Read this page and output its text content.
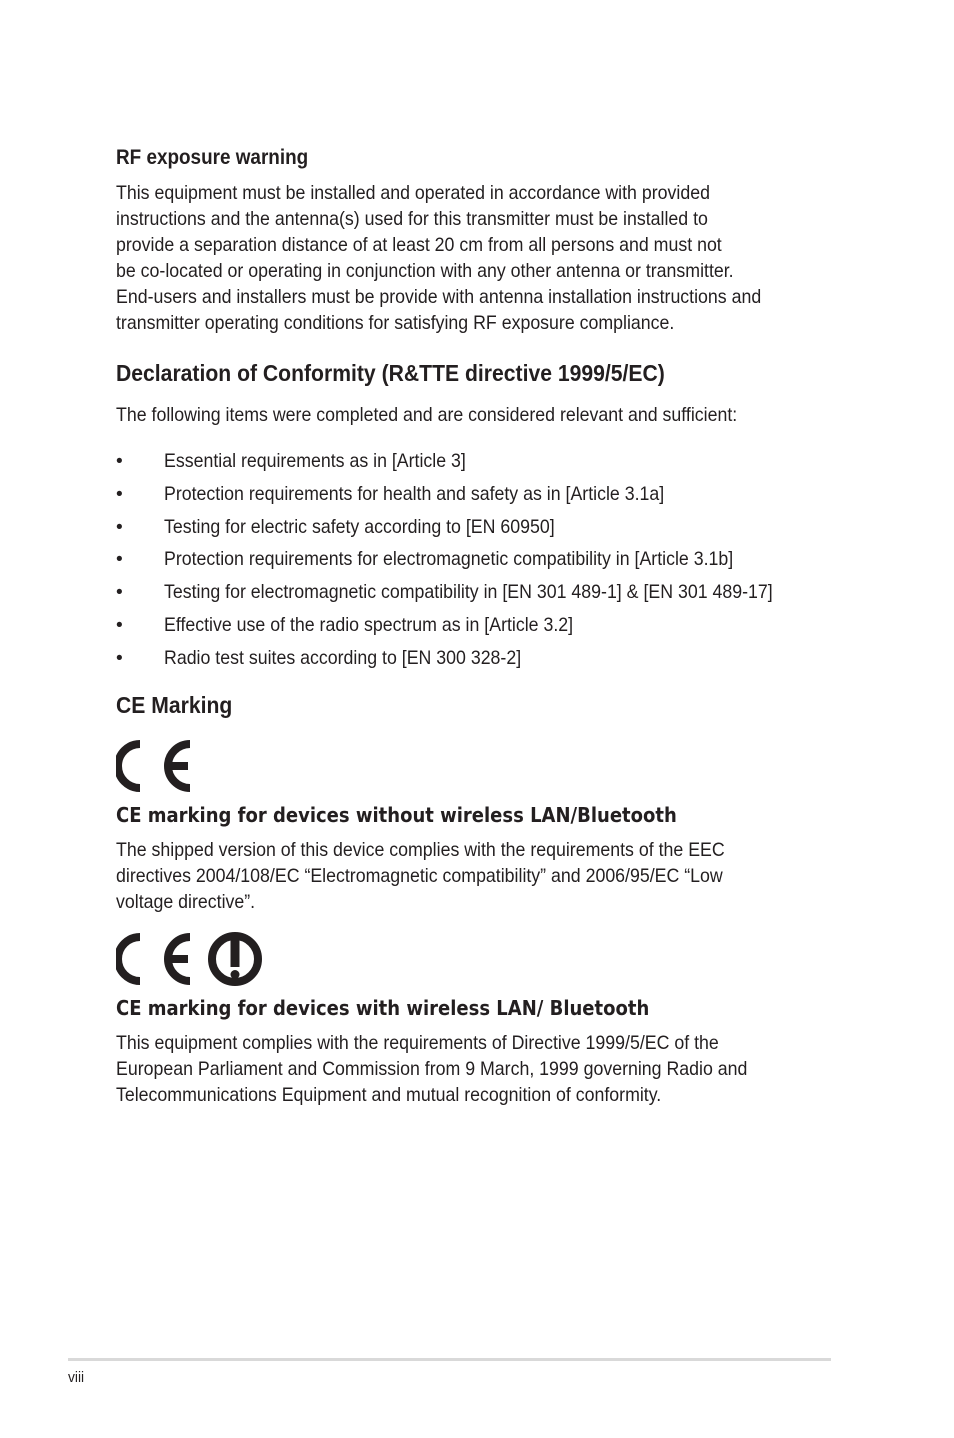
RF exposure warning

This equipment must be installed and operated in accordance with provided
instructions and the antenna(s) used for this transmitter must be installed to
provide a separation distance of at least 20 cm from all persons and must not
be co-located or operating in conjunction with any other antenna or transmitter.
End-users and installers must be provide with antenna installation instructions and
transmitter operating conditions for satisfying RF exposure compliance.

Declaration of Conformity (R&TTE directive 1999/5/EC)

The following items were completed and are considered relevant and sufficient:

• Essential requirements as in [Article 3]
• Protection requirements for health and safety as in [Article 3.1a]
• Testing for electric safety according to [EN 60950]
• Protection requirements for electromagnetic compatibility in [Article 3.1b]
• Testing for electromagnetic compatibility in [EN 301 489-1] & [EN 301 489-17]
• Effective use of the radio spectrum as in [Article 3.2]
• Radio test suites according to [EN 300 328-2]
CE Marking
CE marking for devices without wireless LAN/Bluetooth

The shipped version of this device complies with the requirements of the EEC
directives 2004/108/EC “Electromagnetic compatibility” and 2006/95/EC “Low
voltage directive”.

CE marking for devices with wireless LAN/ Bluetooth

This equipment complies with the requirements of Directive 1999/5/EC of the
European Parliament and Commission from 9 March, 1999 governing Radio and
Telecommunications Equipment and mutual recognition of conformity.

viii
